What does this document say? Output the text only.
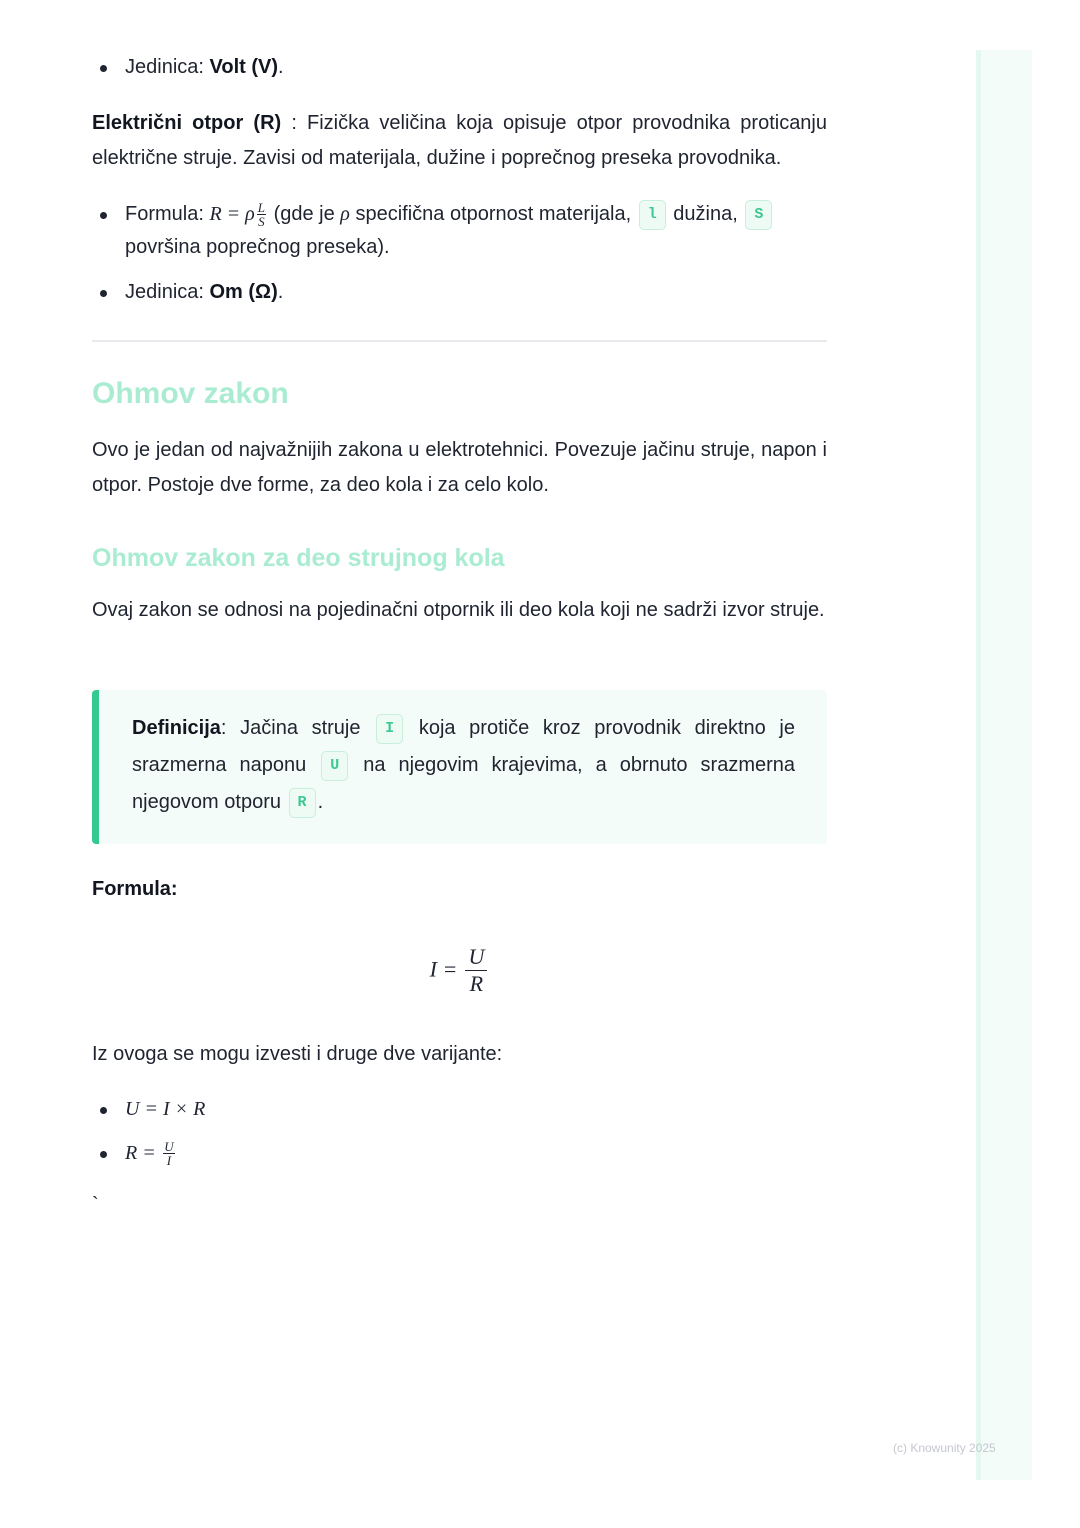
Jedinica: Volt (V).

Električni otpor (R) : Fizička veličina koja opisuje otpor provodnika proticanju električne struje. Zavisi od materijala, dužine i poprečnog preseka provodnika.

Formula: R = ρ $\frac{L}{S} (gde$ je ρ specifična otpornost materijala, l dužina, S površina poprečnog preseka).
Jedinica: Om (Ω).
Ohmov zakon

Ovo je jedan od najvažnijih zakona u elektrotehnici. Povezuje jačinu struje, napon i otpor. Postoje dve forme, za deo kola i za celo kolo.

Ohmov zakon za deo strujnog kola

Ovaj zakon se odnosi na pojedinačni otpornik ili deo kola koji ne sadrži izvor struje.

Definicija: Jačina struje I koja protiče kroz provodnik direktno je srazmerna naponu U na njegovim krajevima, a obrnuto srazmerna njegovom otporu R .

Formula:

$I = \frac{U}{R}$

Iz ovoga se mogu izvesti i druge dve varijante:

U = I × R
$R = \frac{U}{I}$

`

(c) Knowunity 2025
